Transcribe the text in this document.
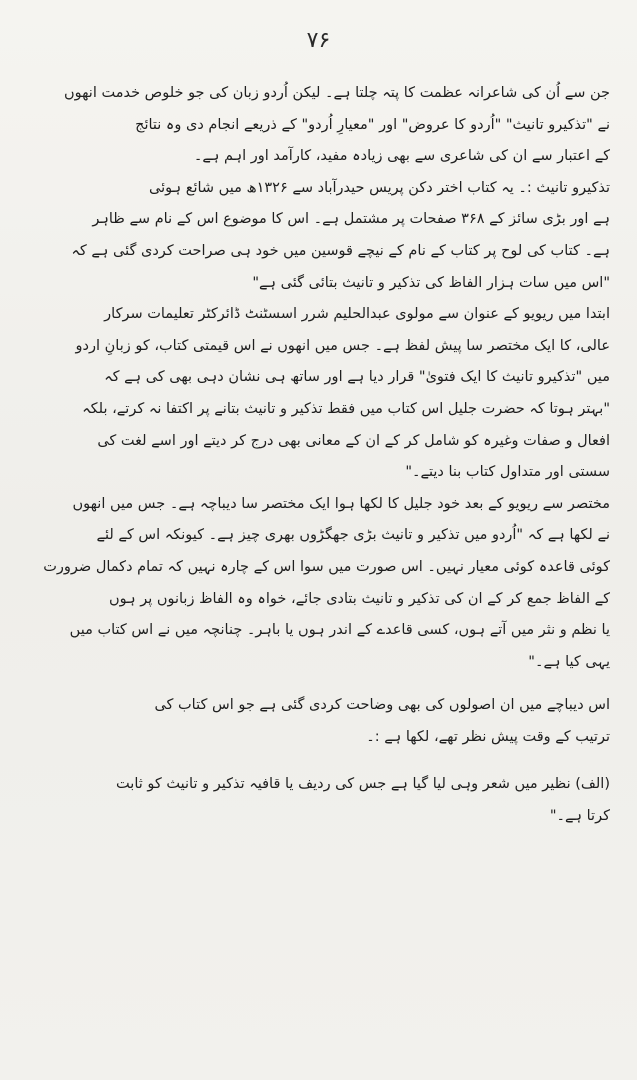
۷۶
جن سے اُن کی شاعرانہ عظمت کا پتہ چلتا ہے۔ لیکن اُردو زبان کی جو خلوص خدمت انھوں
نے "تذکیرو تانیث" "اُردو کا عروض" اور "معیارِ اُردو" کے ذریعے انجام دی وہ نتائج
کے اعتبار سے ان کی شاعری سے بھی زیادہ مفید، کارآمد اور اہم ہے۔
تذکیرو تانیث :۔ یہ کتاب اختر دکن پریس حیدرآباد سے ۱۳۲۶ھ میں شائع ہوئی
ہے اور بڑی سائز کے ۳۶۸ صفحات پر مشتمل ہے۔ اس کا موضوع اس کے نام سے ظاہر
ہے۔ کتاب کی لوح پر کتاب کے نام کے نیچے قوسین میں خود ہی صراحت کردی گئی ہے کہ
"اس میں سات ہزار الفاظ کی تذکیر و تانیث بتائی گئی ہے"
ابتدا میں ریویو کے عنوان سے مولوی عبدالحلیم شرر اسسٹنٹ ڈائرکٹر تعلیمات سرکار
عالی، کا ایک مختصر سا پیش لفظ ہے۔ جس میں انھوں نے اس قیمتی کتاب، کو زبانِ اردو
میں "تذکیرو تانیث کا ایک فتویٰ" قرار دیا ہے اور ساتھ ہی نشان دہی بھی کی ہے کہ
"بہتر ہوتا کہ حضرت جلیل اس کتاب میں فقط تذکیر و تانیث بتانے پر اکتفا نہ کرتے، بلکہ
افعال و صفات وغیرہ کو شامل کر کے ان کے معانی بھی درج کر دیتے اور اسے لغت کی
سستی اور متداول کتاب بنا دیتے۔"
مختصر سے ریویو کے بعد خود جلیل کا لکھا ہوا ایک مختصر سا دیباچہ ہے۔ جس میں انھوں
نے لکھا ہے کہ "اُردو میں تذکیر و تانیث بڑی جھگڑوں بھری چیز ہے۔ کیونکہ اس کے لئے
کوئی قاعدہ کوئی معیار نہیں۔ اس صورت میں سوا اس کے چارہ نہیں کہ تمام دکمال ضرورت
کے الفاظ جمع کر کے ان کی تذکیر و تانیث بتادی جائے، خواہ وہ الفاظ زبانوں پر ہوں
یا نظم و نثر میں آتے ہوں، کسی قاعدے کے اندر ہوں یا باہر۔ چنانچہ میں نے اس کتاب میں
یہی کیا ہے۔"
اس دیباچے میں ان اصولوں کی بھی وضاحت کردی گئی ہے جو اس کتاب کی
ترتیب کے وقت پیش نظر تھے، لکھا ہے :۔
(الف) نظیر میں شعر وہی لیا گیا ہے جس کی ردیف یا قافیہ تذکیر و تانیث کو ثابت
کرتا ہے۔"
